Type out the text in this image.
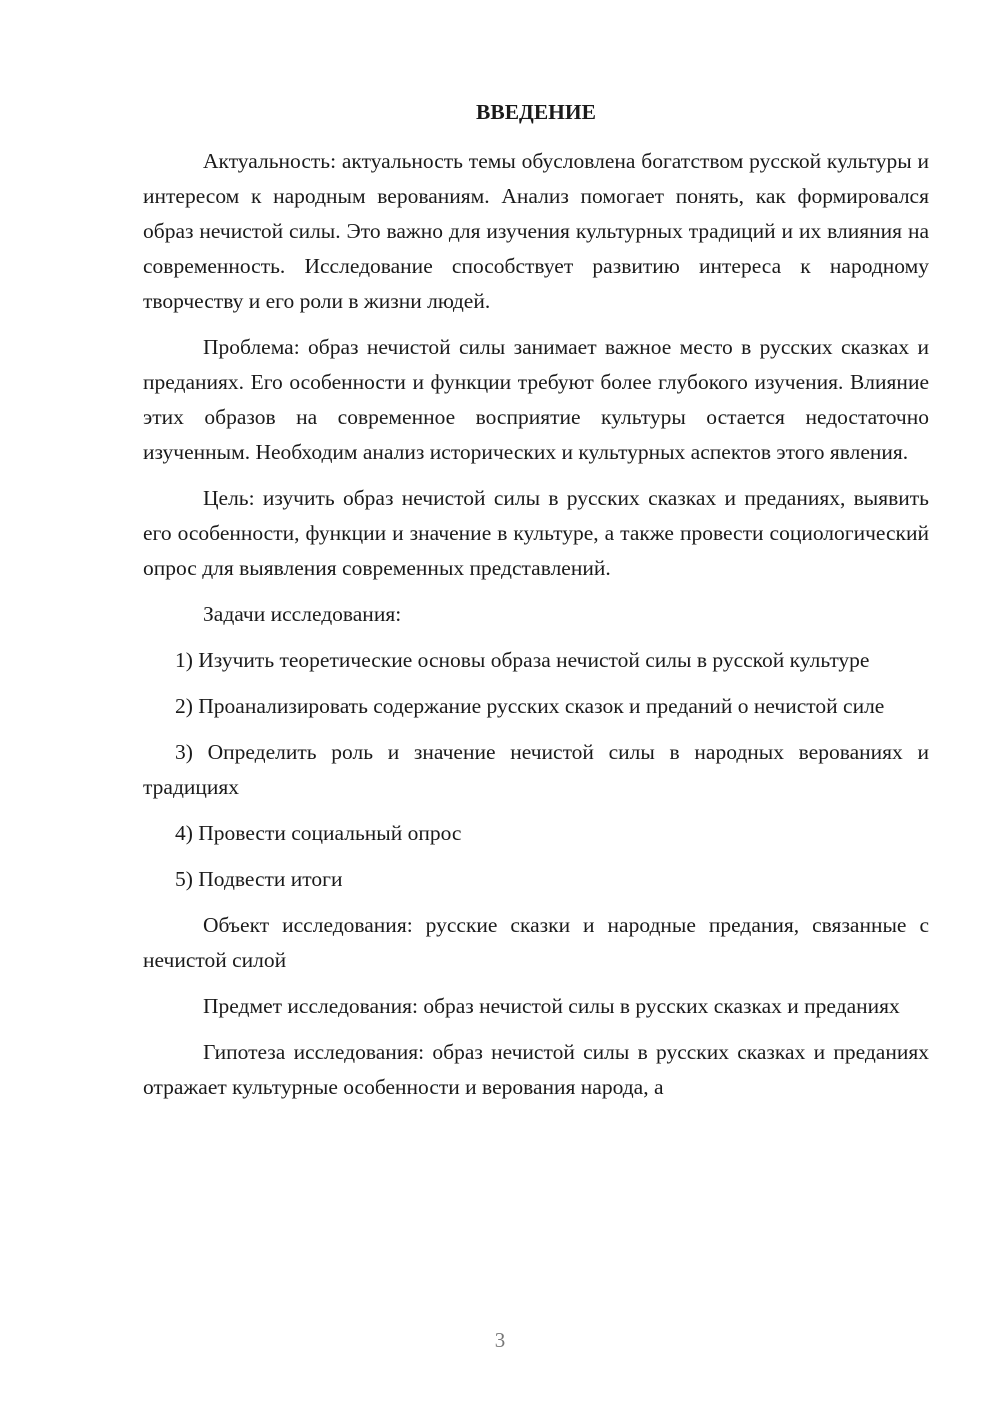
ВВЕДЕНИЕ

Актуальность: актуальность темы обусловлена богатством русской культуры и интересом к народным верованиям. Анализ помогает понять, как формировался образ нечистой силы. Это важно для изучения культурных традиций и их влияния на современность. Исследование способствует развитию интереса к народному творчеству и его роли в жизни людей.

Проблема: образ нечистой силы занимает важное место в русских сказках и преданиях. Его особенности и функции требуют более глубокого изучения. Влияние этих образов на современное восприятие культуры остается недостаточно изученным. Необходим анализ исторических и культурных аспектов этого явления.

Цель: изучить образ нечистой силы в русских сказках и преданиях, выявить его особенности, функции и значение в культуре, а также провести социологический опрос для выявления современных представлений.

Задачи исследования:

1) Изучить теоретические основы образа нечистой силы в русской культуре

2) Проанализировать содержание русских сказок и преданий о нечистой силе

3) Определить роль и значение нечистой силы в народных верованиях и традициях

4) Провести социальный опрос

5) Подвести итоги

Объект исследования: русские сказки и народные предания, связанные с нечистой силой

Предмет исследования: образ нечистой силы в русских сказках и преданиях

Гипотеза исследования: образ нечистой силы в русских сказках и преданиях отражает культурные особенности и верования народа, а

3
